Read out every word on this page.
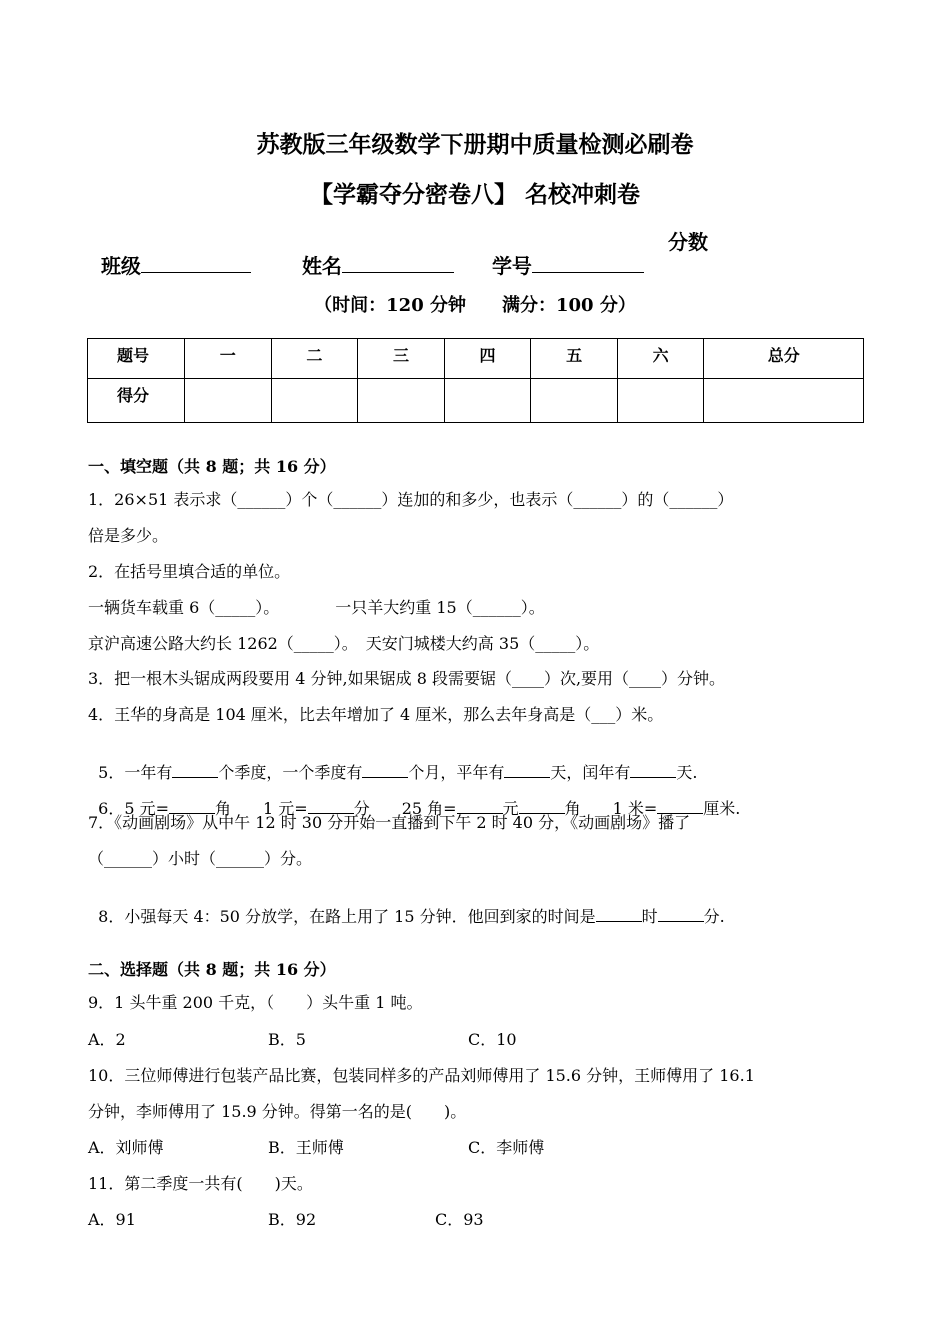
苏教版三年级数学下册期中质量检测必刷卷
【学霸夺分密卷八】 名校冲刺卷

班级	姓名	学号

分数
（时间：120 分钟　　满分：100 分）
题号	一	二	三	四	五	六	总分
得分							
一、填空题（共 8 题；共 16 分）
1．26×51 表示求（______）个（______）连加的和多少，也表示（______）的（______）
倍是多少。
2．在括号里填合适的单位。
一辆货车载重 6（_____）。　　　　一只羊大约重 15（______）。
京沪高速公路大约长 1262（_____）。　天安门城楼大约高 35（_____）。
3．把一根木头锯成两段要用 4 分钟,如果锯成 8 段需要锯（____）次,要用（____）分钟。
4．王华的身高是 104 厘米，比去年增加了 4 厘米，那么去年身高是（___）米。

5．一年有	个季度，一个季度有	个月，平年有	天，闰年有	天.

6．5 元=	角　　1 元=	分　　25 角=	元	角　　1 米=	厘米.

7．《动画剧场》从中午 12 时 30 分开始一直播到下午 2 时 40 分，《动画剧场》播了
（______）小时（______）分。

8．小强每天 4：50 分放学，在路上用了 15 分钟．他回到家的时间是	时	分.

二、选择题（共 8 题；共 16 分）
9．1 头牛重 200 千克，（　　）头牛重 1 吨。
A．2	B．5	C．10
10．三位师傅进行包装产品比赛，包装同样多的产品刘师傅用了 15.6 分钟，王师傅用了 16.1
分钟，李师傅用了 15.9 分钟。得第一名的是(　　)。
A．刘师傅	B．王师傅	C．李师傅
11．第二季度一共有(　　)天。
A．91	B．92	C．93
